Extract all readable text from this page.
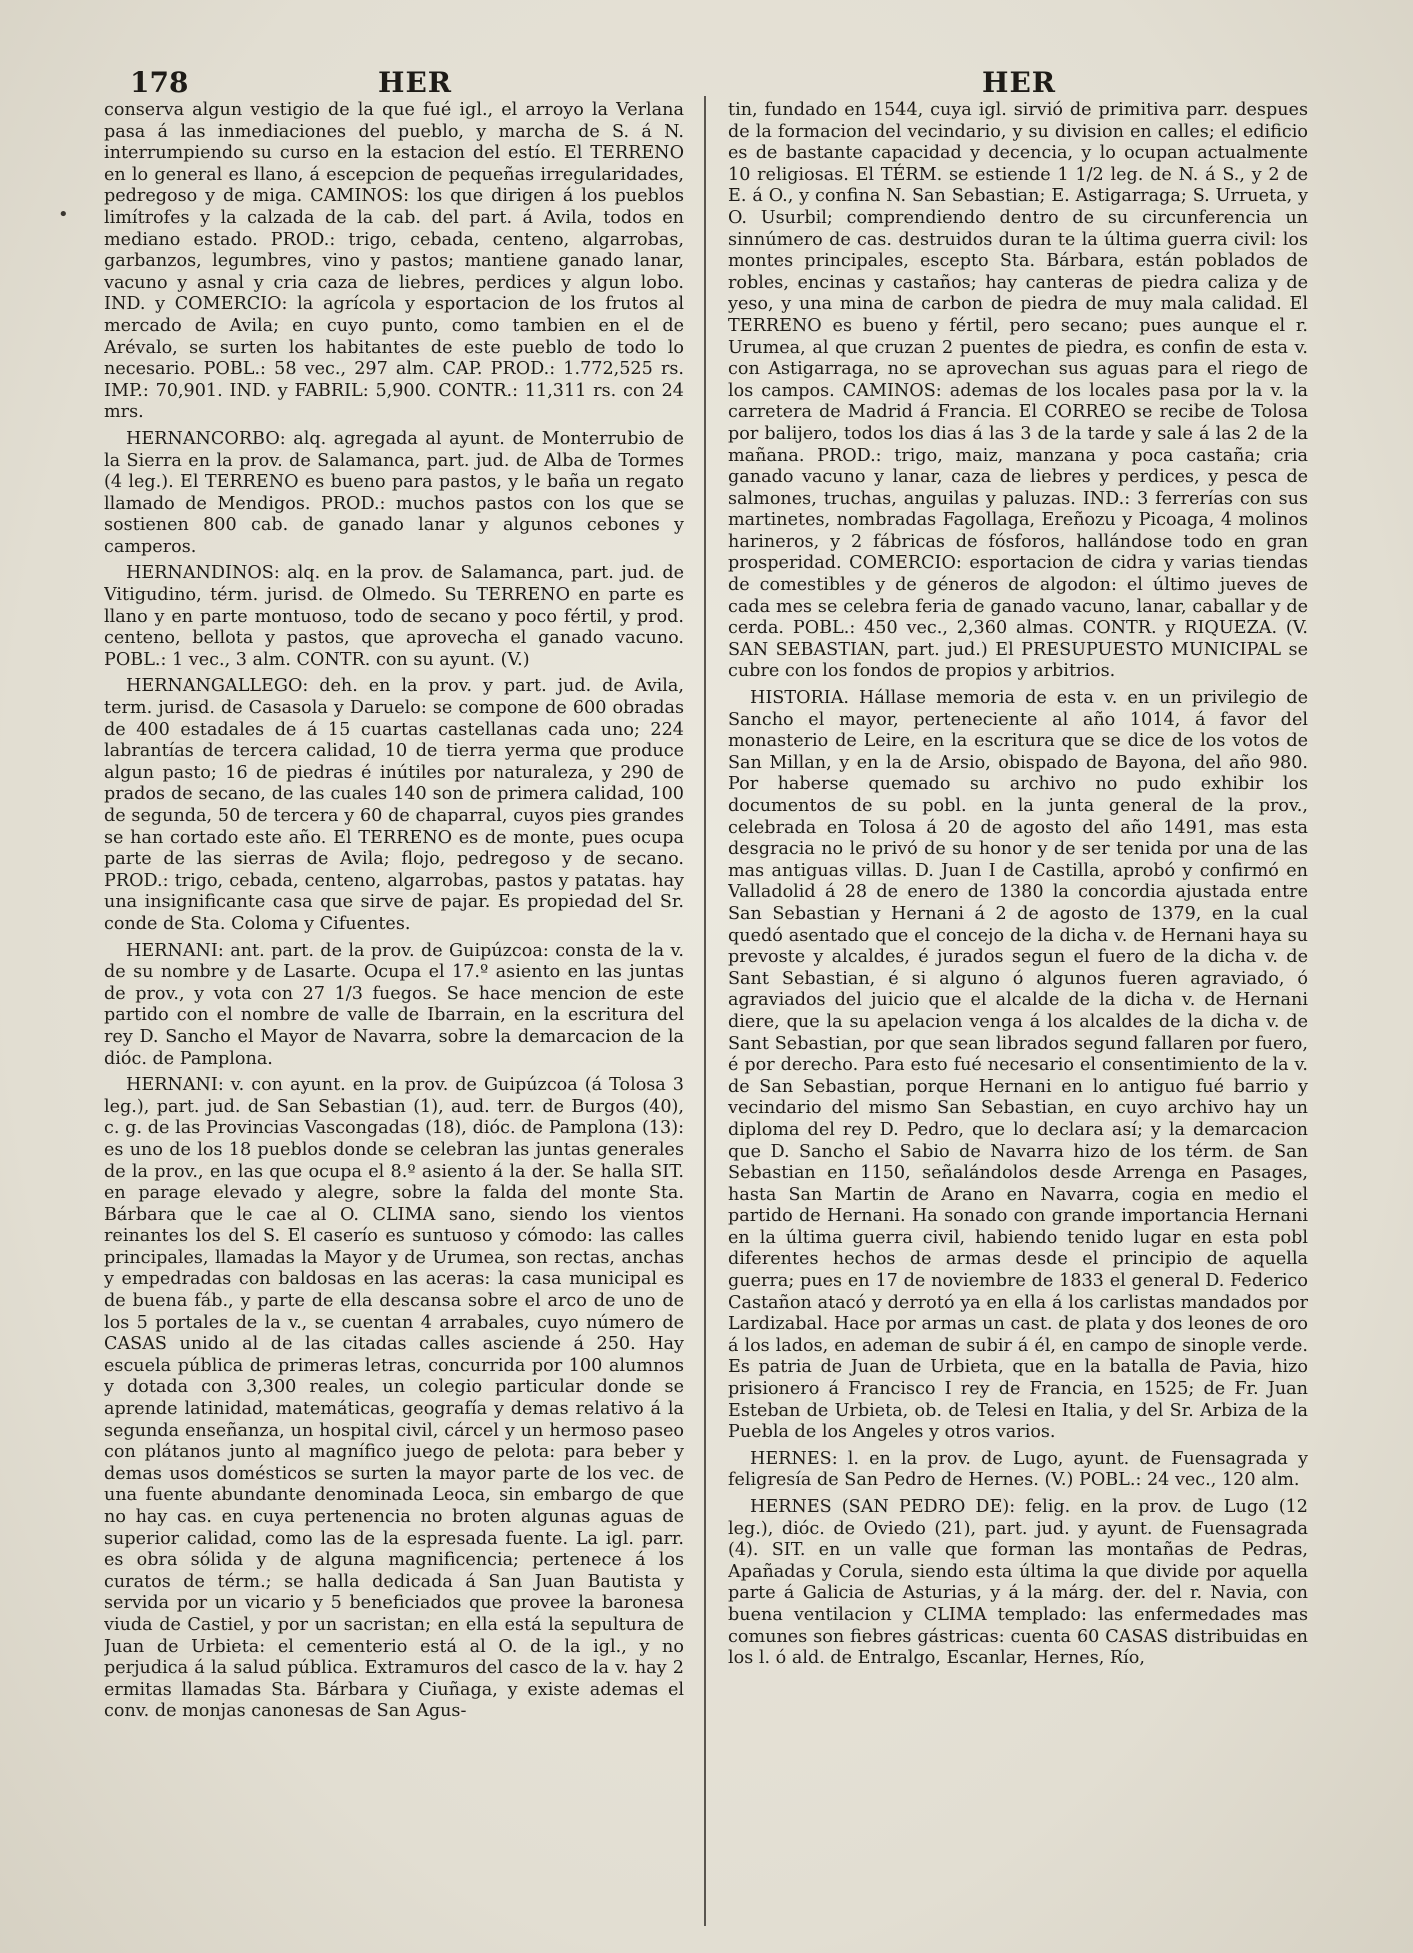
178	HER	HER
•

conserva algun vestigio de la que fué igl., el arroyo la Verlana pasa á las inmediaciones del pueblo, y marcha de S. á N. interrumpiendo su curso en la estacion del estío. El TERRENO en lo general es llano, á escepcion de pequeñas irregularidades, pedregoso y de miga. CAMINOS: los que dirigen á los pueblos limítrofes y la calzada de la cab. del part. á Avila, todos en mediano estado. PROD.: trigo, cebada, centeno, algarrobas, garbanzos, legumbres, vino y pastos; mantiene ganado lanar, vacuno y asnal y cria caza de liebres, perdices y algun lobo. IND. y COMERCIO: la agrícola y esportacion de los frutos al mercado de Avila; en cuyo punto, como tambien en el de Arévalo, se surten los habitantes de este pueblo de todo lo necesario. POBL.: 58 vec., 297 alm. CAP. PROD.: 1.772,525 rs. IMP.: 70,901. IND. y FABRIL: 5,900. CONTR.: 11,311 rs. con 24 mrs.

HERNANCORBO: alq. agregada al ayunt. de Monterrubio de la Sierra en la prov. de Salamanca, part. jud. de Alba de Tormes (4 leg.). El TERRENO es bueno para pastos, y le baña un regato llamado de Mendigos. PROD.: muchos pastos con los que se sostienen 800 cab. de ganado lanar y algunos cebones y camperos.

HERNANDINOS: alq. en la prov. de Salamanca, part. jud. de Vitigudino, térm. jurisd. de Olmedo. Su TERRENO en parte es llano y en parte montuoso, todo de secano y poco fértil, y prod. centeno, bellota y pastos, que aprovecha el ganado vacuno. POBL.: 1 vec., 3 alm. CONTR. con su ayunt. (V.)

HERNANGALLEGO: deh. en la prov. y part. jud. de Avila, term. jurisd. de Casasola y Daruelo: se compone de 600 obradas de 400 estadales de á 15 cuartas castellanas cada uno; 224 labrantías de tercera calidad, 10 de tierra yerma que produce algun pasto; 16 de piedras é inútiles por naturaleza, y 290 de prados de secano, de las cuales 140 son de primera calidad, 100 de segunda, 50 de tercera y 60 de chaparral, cuyos pies grandes se han cortado este año. El TERRENO es de monte, pues ocupa parte de las sierras de Avila; flojo, pedregoso y de secano. PROD.: trigo, cebada, centeno, algarrobas, pastos y patatas. hay una insignificante casa que sirve de pajar. Es propiedad del Sr. conde de Sta. Coloma y Cifuentes.

HERNANI: ant. part. de la prov. de Guipúzcoa: consta de la v. de su nombre y de Lasarte. Ocupa el 17.º asiento en las juntas de prov., y vota con 27 1/3 fuegos. Se hace mencion de este partido con el nombre de valle de Ibarrain, en la escritura del rey D. Sancho el Mayor de Navarra, sobre la demarcacion de la dióc. de Pamplona.

HERNANI: v. con ayunt. en la prov. de Guipúzcoa (á Tolosa 3 leg.), part. jud. de San Sebastian (1), aud. terr. de Burgos (40), c. g. de las Provincias Vascongadas (18), dióc. de Pamplona (13): es uno de los 18 pueblos donde se celebran las juntas generales de la prov., en las que ocupa el 8.º asiento á la der. Se halla SIT. en parage elevado y alegre, sobre la falda del monte Sta. Bárbara que le cae al O. CLIMA sano, siendo los vientos reinantes los del S. El caserío es suntuoso y cómodo: las calles principales, llamadas la Mayor y de Urumea, son rectas, anchas y empedradas con baldosas en las aceras: la casa municipal es de buena fáb., y parte de ella descansa sobre el arco de uno de los 5 portales de la v., se cuentan 4 arrabales, cuyo número de CASAS unido al de las citadas calles asciende á 250. Hay escuela pública de primeras letras, concurrida por 100 alumnos y dotada con 3,300 reales, un colegio particular donde se aprende latinidad, matemáticas, geografía y demas relativo á la segunda enseñanza, un hospital civil, cárcel y un hermoso paseo con plátanos junto al magnífico juego de pelota: para beber y demas usos domésticos se surten la mayor parte de los vec. de una fuente abundante denominada Leoca, sin embargo de que no hay cas. en cuya pertenencia no broten algunas aguas de superior calidad, como las de la espresada fuente. La igl. parr. es obra sólida y de alguna magnificencia; pertenece á los curatos de térm.; se halla dedicada á San Juan Bautista y servida por un vicario y 5 beneficiados que provee la baronesa viuda de Castiel, y por un sacristan; en ella está la sepultura de Juan de Urbieta: el cementerio está al O. de la igl., y no perjudica á la salud pública. Extramuros del casco de la v. hay 2 ermitas llamadas Sta. Bárbara y Ciuñaga, y existe ademas el conv. de monjas canonesas de San Agus-

tin, fundado en 1544, cuya igl. sirvió de primitiva parr. despues de la formacion del vecindario, y su division en calles; el edificio es de bastante capacidad y decencia, y lo ocupan actualmente 10 religiosas. El TÉRM. se estiende 1 1/2 leg. de N. á S., y 2 de E. á O., y confina N. San Sebastian; E. Astigarraga; S. Urrueta, y O. Usurbil; comprendiendo dentro de su circunferencia un sinnúmero de cas. destruidos duran te la última guerra civil: los montes principales, escepto Sta. Bárbara, están poblados de robles, encinas y castaños; hay canteras de piedra caliza y de yeso, y una mina de carbon de piedra de muy mala calidad. El TERRENO es bueno y fértil, pero secano; pues aunque el r. Urumea, al que cruzan 2 puentes de piedra, es confin de esta v. con Astigarraga, no se aprovechan sus aguas para el riego de los campos. CAMINOS: ademas de los locales pasa por la v. la carretera de Madrid á Francia. El CORREO se recibe de Tolosa por balijero, todos los dias á las 3 de la tarde y sale á las 2 de la mañana. PROD.: trigo, maiz, manzana y poca castaña; cria ganado vacuno y lanar, caza de liebres y perdices, y pesca de salmones, truchas, anguilas y paluzas. IND.: 3 ferrerías con sus martinetes, nombradas Fagollaga, Ereñozu y Picoaga, 4 molinos harineros, y 2 fábricas de fósforos, hallándose todo en gran prosperidad. COMERCIO: esportacion de cidra y varias tiendas de comestibles y de géneros de algodon: el último jueves de cada mes se celebra feria de ganado vacuno, lanar, caballar y de cerda. POBL.: 450 vec., 2,360 almas. CONTR. y RIQUEZA. (V. SAN SEBASTIAN, part. jud.) El PRESUPUESTO MUNICIPAL se cubre con los fondos de propios y arbitrios.

HISTORIA. Hállase memoria de esta v. en un privilegio de Sancho el mayor, perteneciente al año 1014, á favor del monasterio de Leire, en la escritura que se dice de los votos de San Millan, y en la de Arsio, obispado de Bayona, del año 980. Por haberse quemado su archivo no pudo exhibir los documentos de su pobl. en la junta general de la prov., celebrada en Tolosa á 20 de agosto del año 1491, mas esta desgracia no le privó de su honor y de ser tenida por una de las mas antiguas villas. D. Juan I de Castilla, aprobó y confirmó en Valladolid á 28 de enero de 1380 la concordia ajustada entre San Sebastian y Hernani á 2 de agosto de 1379, en la cual quedó asentado que el concejo de la dicha v. de Hernani haya su prevoste y alcaldes, é jurados segun el fuero de la dicha v. de Sant Sebastian, é si alguno ó algunos fueren agraviado, ó agraviados del juicio que el alcalde de la dicha v. de Hernani diere, que la su apelacion venga á los alcaldes de la dicha v. de Sant Sebastian, por que sean librados segund fallaren por fuero, é por derecho. Para esto fué necesario el consentimiento de la v. de San Sebastian, porque Hernani en lo antiguo fué barrio y vecindario del mismo San Sebastian, en cuyo archivo hay un diploma del rey D. Pedro, que lo declara así; y la demarcacion que D. Sancho el Sabio de Navarra hizo de los térm. de San Sebastian en 1150, señalándolos desde Arrenga en Pasages, hasta San Martin de Arano en Navarra, cogia en medio el partido de Hernani. Ha sonado con grande importancia Hernani en la última guerra civil, habiendo tenido lugar en esta pobl diferentes hechos de armas desde el principio de aquella guerra; pues en 17 de noviembre de 1833 el general D. Federico Castañon atacó y derrotó ya en ella á los carlistas mandados por Lardizabal. Hace por armas un cast. de plata y dos leones de oro á los lados, en ademan de subir á él, en campo de sinople verde. Es patria de Juan de Urbieta, que en la batalla de Pavia, hizo prisionero á Francisco I rey de Francia, en 1525; de Fr. Juan Esteban de Urbieta, ob. de Telesi en Italia, y del Sr. Arbiza de la Puebla de los Angeles y otros varios.

HERNES: l. en la prov. de Lugo, ayunt. de Fuensagrada y feligresía de San Pedro de Hernes. (V.) POBL.: 24 vec., 120 alm.

HERNES (SAN PEDRO DE): felig. en la prov. de Lugo (12 leg.), dióc. de Oviedo (21), part. jud. y ayunt. de Fuensagrada (4). SIT. en un valle que forman las montañas de Pedras, Apañadas y Corula, siendo esta última la que divide por aquella parte á Galicia de Asturias, y á la márg. der. del r. Navia, con buena ventilacion y CLIMA templado: las enfermedades mas comunes son fiebres gástricas: cuenta 60 CASAS distribuidas en los l. ó ald. de Entralgo, Escanlar, Hernes, Río,
